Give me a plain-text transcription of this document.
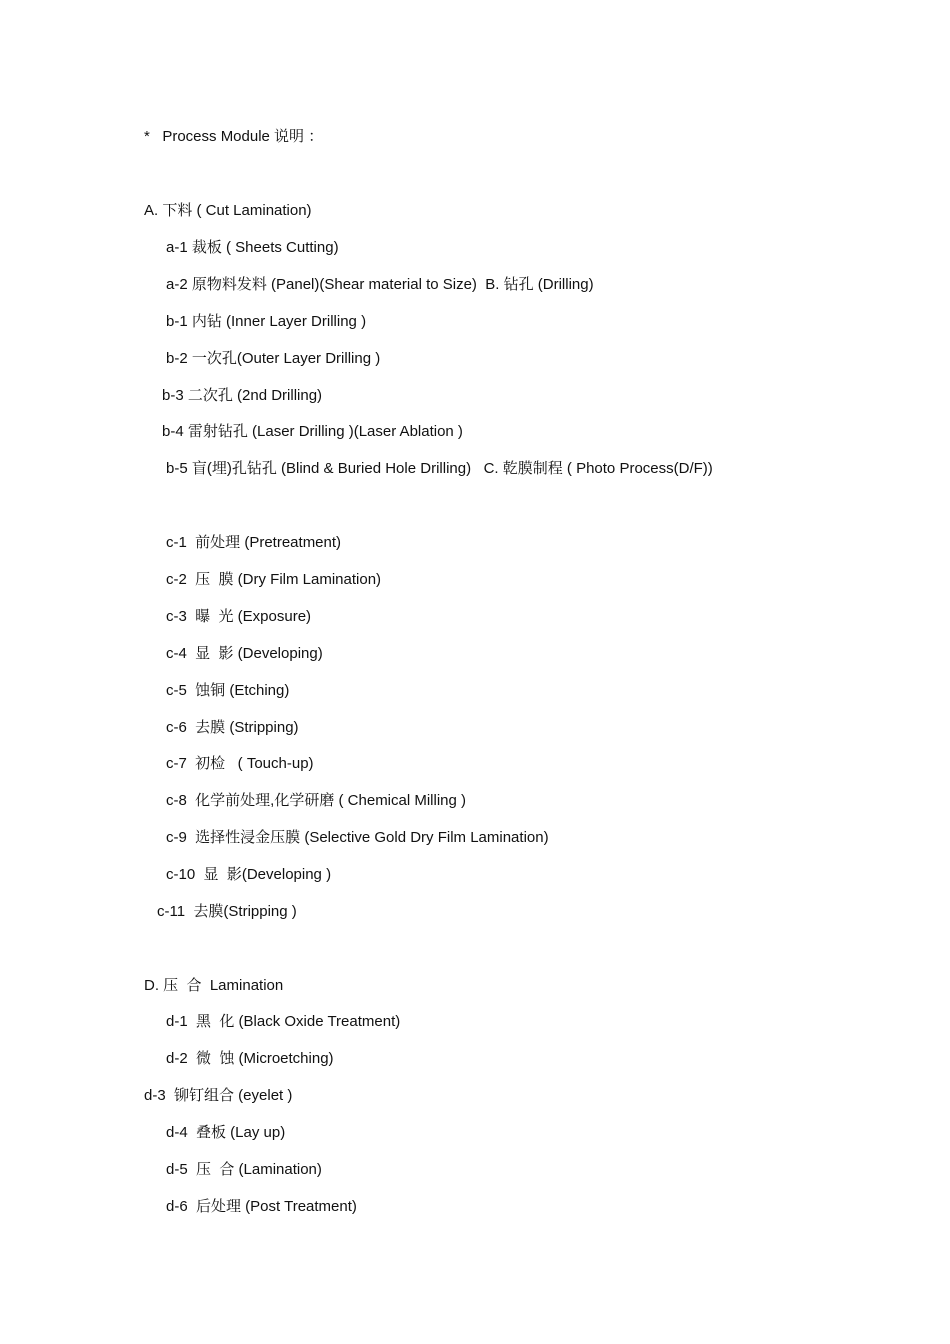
*   Process Module 说明 ：
A. 下料 ( Cut Lamination)
a-1 裁板 ( Sheets Cutting)
a-2 原物料发料 (Panel)(Shear material to Size)  B. 钻孔 (Drilling)
b-1 内钻 (Inner Layer Drilling )
b-2 一次孔(Outer Layer Drilling )
b-3 二次孔 (2nd Drilling)
b-4 雷射钻孔 (Laser Drilling )(Laser Ablation )
b-5 盲(埋)孔钻孔 (Blind & Buried Hole Drilling)   C. 乾膜制程 ( Photo Process(D/F))
c-1  前处理 (Pretreatment)
c-2  压  膜 (Dry Film Lamination)
c-3  曝  光 (Exposure)
c-4  显  影 (Developing)
c-5  蚀铜 (Etching)
c-6  去膜 (Stripping)
c-7  初检   ( Touch-up)
c-8  化学前处理,化学研磨 ( Chemical Milling )
c-9  选择性浸金压膜 (Selective Gold Dry Film Lamination)
c-10  显  影(Developing )
c-11  去膜(Stripping )
D. 压  合  Lamination
d-1  黑  化 (Black Oxide Treatment)
d-2  微  蚀 (Microetching)
d-3  铆钉组合 (eyelet )
d-4  叠板 (Lay up)
d-5  压  合 (Lamination)
d-6  后处理 (Post Treatment)
